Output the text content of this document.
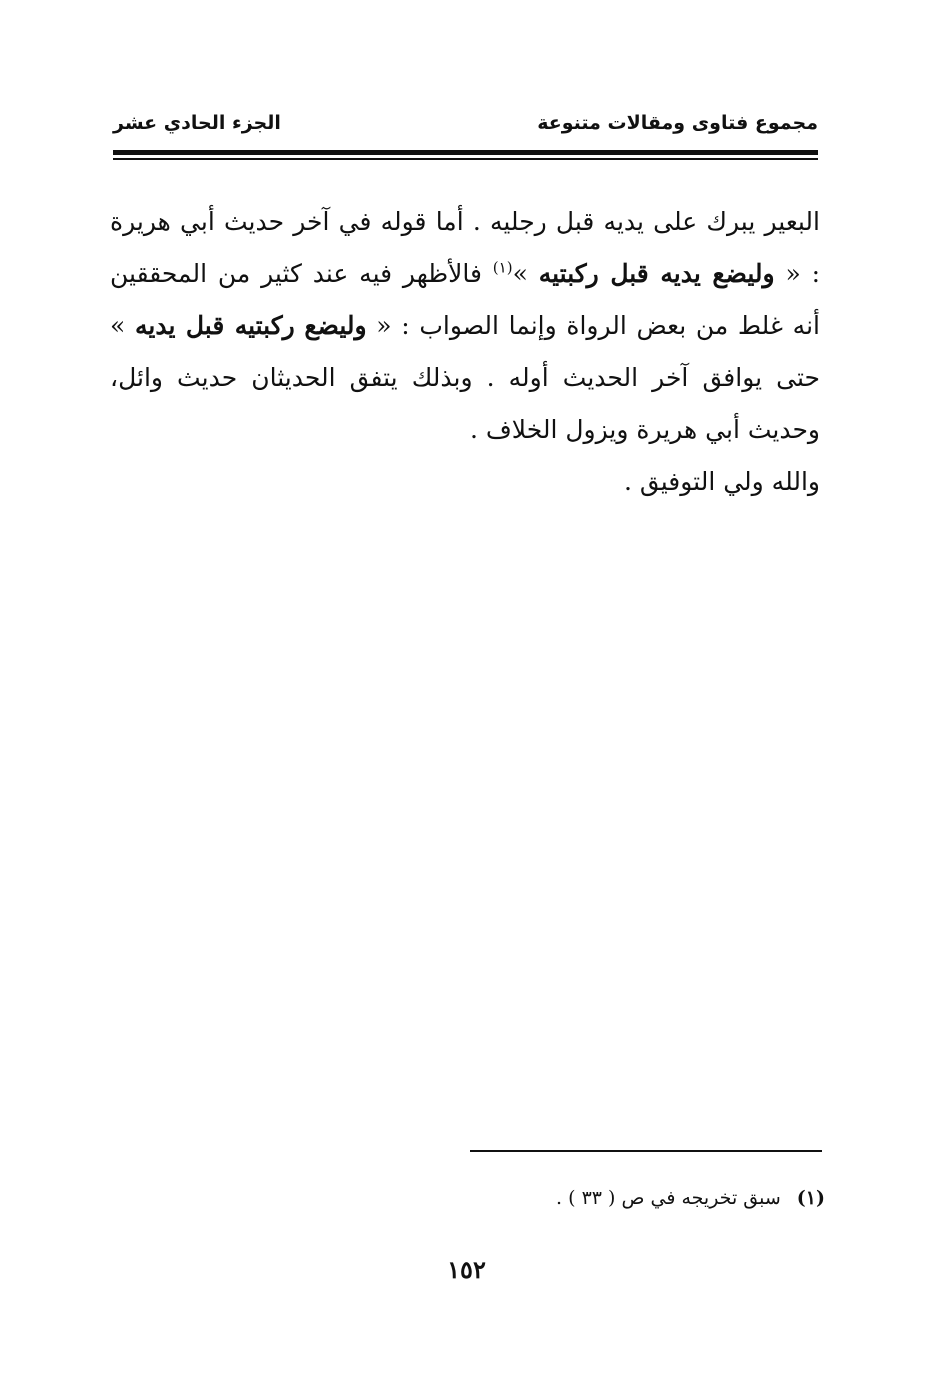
مجموع فتاوى ومقالات متنوعة
الجزء الحادي عشر

البعير يبرك على يديه قبل رجليه . أما قوله في آخر حديث أبي هريرة : « وليضع يديه قبل ركبتيه »$^{(١)}$ فالأظهر فيه عند كثير من المحققين أنه غلط من بعض الرواة وإنما الصواب : « وليضع ركبتيه قبل يديه » حتى يوافق آخر الحديث أوله . وبذلك يتفق الحديثان حديث وائل، وحديث أبي هريرة ويزول الخلاف .

والله ولي التوفيق .

(١)سبق تخريجه في ص ( ٣٣ ) .
١٥٢
